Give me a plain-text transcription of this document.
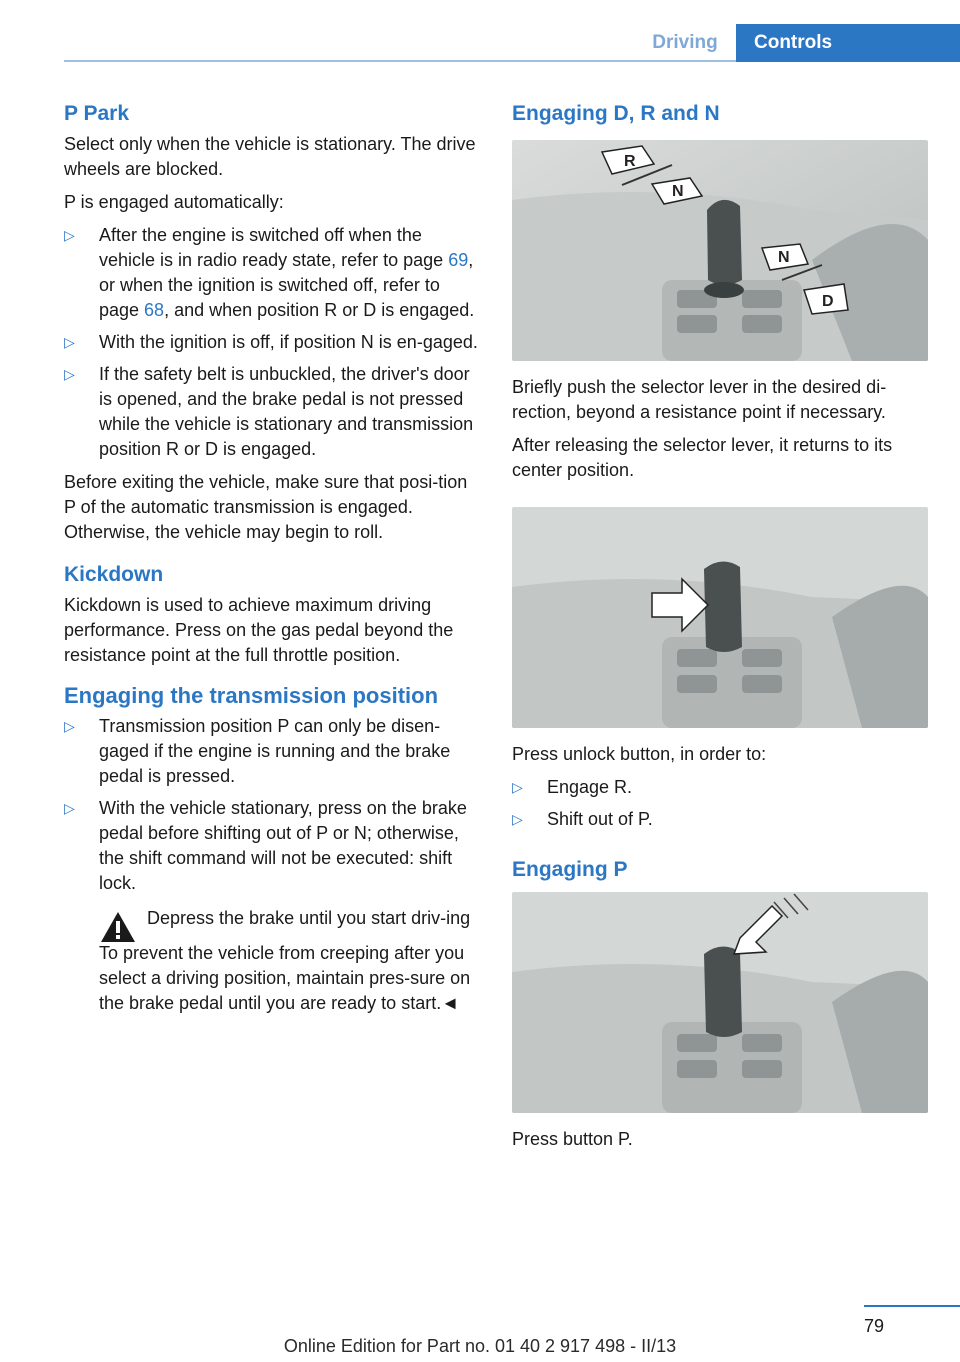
Driving	Controls
P Park

Select only when the vehicle is stationary. The drive wheels are blocked.

P is engaged automatically:

▷ After the engine is switched off when the vehicle is in radio ready state, refer to page 69, or when the ignition is switched off, refer to page 68, and when position R or D is engaged.
▷ With the ignition is off, if position N is en-gaged.
▷ If the safety belt is unbuckled, the driver's door is opened, and the brake pedal is not pressed while the vehicle is stationary and transmission position R or D is engaged.

Before exiting the vehicle, make sure that posi-tion P of the automatic transmission is engaged. Otherwise, the vehicle may begin to roll.

Kickdown

Kickdown is used to achieve maximum driving performance. Press on the gas pedal beyond the resistance point at the full throttle position.

Engaging the transmission position
▷ Transmission position P can only be disen-gaged if the engine is running and the brake pedal is pressed.
▷ With the vehicle stationary, press on the brake pedal before shifting out of P or N; otherwise, the shift command will not be executed: shift lock.
Depress the brake until you start driv-ing

To prevent the vehicle from creeping after you select a driving position, maintain pres-sure on the brake pedal until you are ready to start.◄

Engaging D, R and N
R
N
N
D

Briefly push the selector lever in the desired di-rection, beyond a resistance point if necessary.

After releasing the selector lever, it returns to its center position.

Press unlock button, in order to:

▷ Engage R.
▷ Shift out of P.
Engaging P

Press button P.

79
Online Edition for Part no. 01 40 2 917 498 - II/13
